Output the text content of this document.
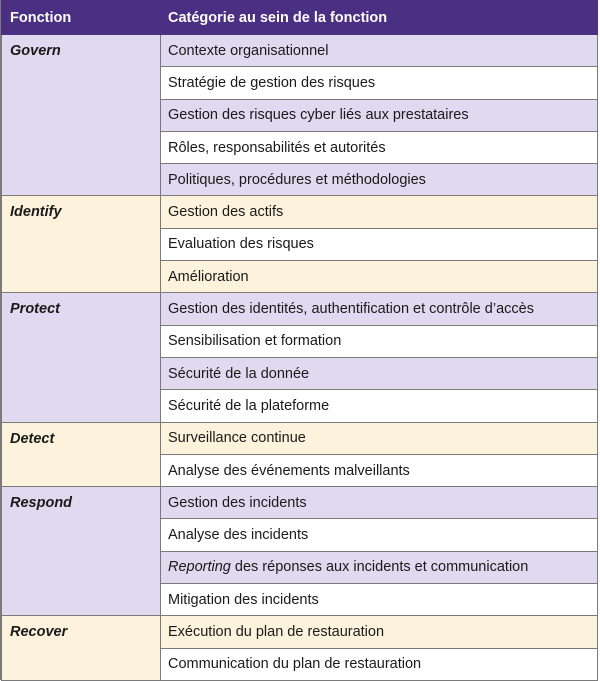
Fonction	Catégorie au sein de la fonction
Govern	Contexte organisationnel
	Stratégie de gestion des risques
	Gestion des risques cyber liés aux prestataires
	Rôles, responsabilités et autorités
	Politiques, procédures et méthodologies
Identify	Gestion des actifs
	Evaluation des risques
	Amélioration
Protect	Gestion des identités, authentification et contrôle d’accès
	Sensibilisation et formation
	Sécurité de la donnée
	Sécurité de la plateforme
Detect	Surveillance continue
	Analyse des événements malveillants
Respond	Gestion des incidents
	Analyse des incidents
	Reporting des réponses aux incidents et communication
	Mitigation des incidents
Recover	Exécution du plan de restauration
	Communication du plan de restauration
